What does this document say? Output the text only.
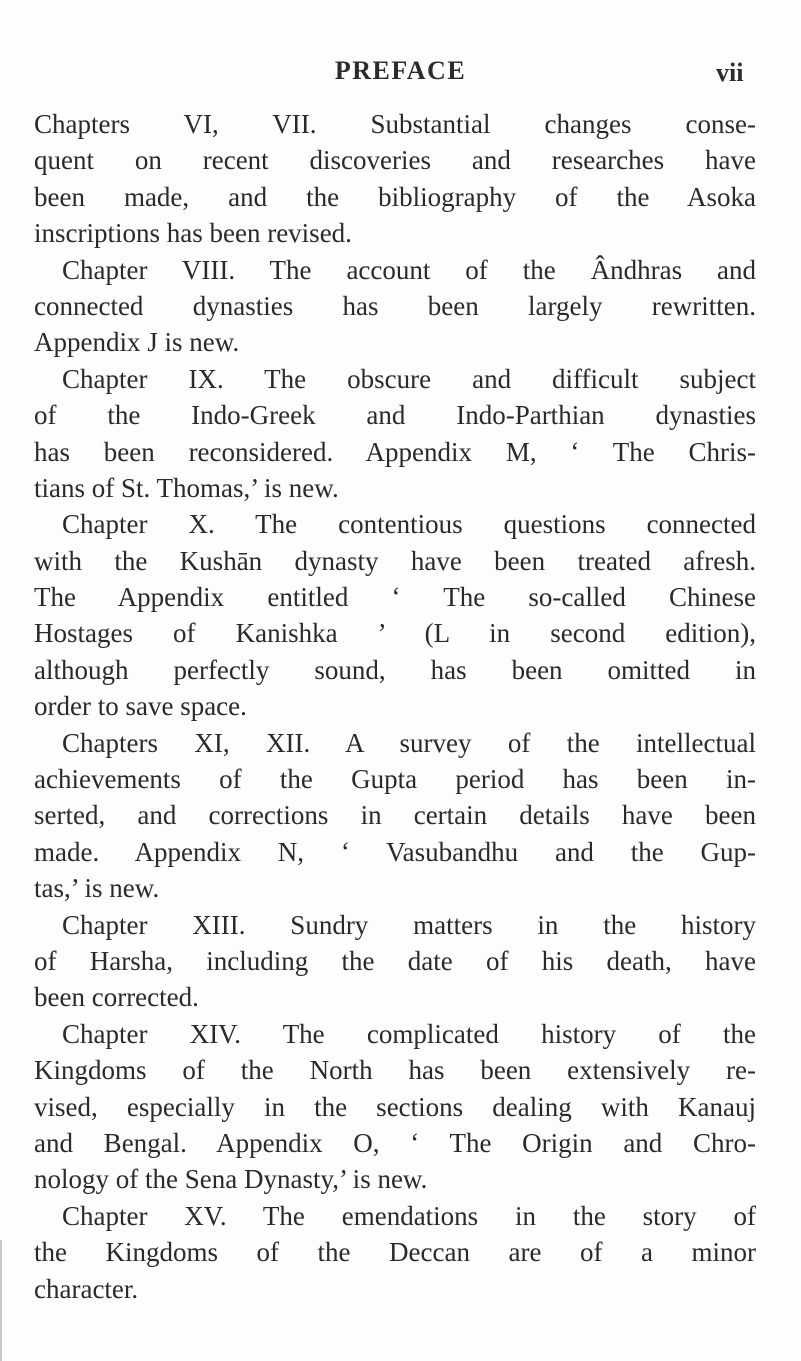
PREFACE	vii
Chapters VI, VII. Substantial changes conse-
quent on recent discoveries and researches have
been made, and the bibliography of the Asoka
inscriptions has been revised.
Chapter VIII. The account of the Ândhras and
connected dynasties has been largely rewritten.
Appendix J is new.
Chapter IX. The obscure and difficult subject
of the Indo-Greek and Indo-Parthian dynasties
has been reconsidered. Appendix M, ‘ The Chris-
tians of St. Thomas,’ is new.
Chapter X. The contentious questions connected
with the Kushān dynasty have been treated afresh.
The Appendix entitled ‘ The so-called Chinese
Hostages of Kanishka ’ (L in second edition),
although perfectly sound, has been omitted in
order to save space.
Chapters XI, XII. A survey of the intellectual
achievements of the Gupta period has been in-
serted, and corrections in certain details have been
made. Appendix N, ‘ Vasubandhu and the Gup-
tas,’ is new.
Chapter XIII. Sundry matters in the history
of Harsha, including the date of his death, have
been corrected.
Chapter XIV. The complicated history of the
Kingdoms of the North has been extensively re-
vised, especially in the sections dealing with Kanauj
and Bengal. Appendix O, ‘ The Origin and Chro-
nology of the Sena Dynasty,’ is new.
Chapter XV. The emendations in the story of
the Kingdoms of the Deccan are of a minor
character.
